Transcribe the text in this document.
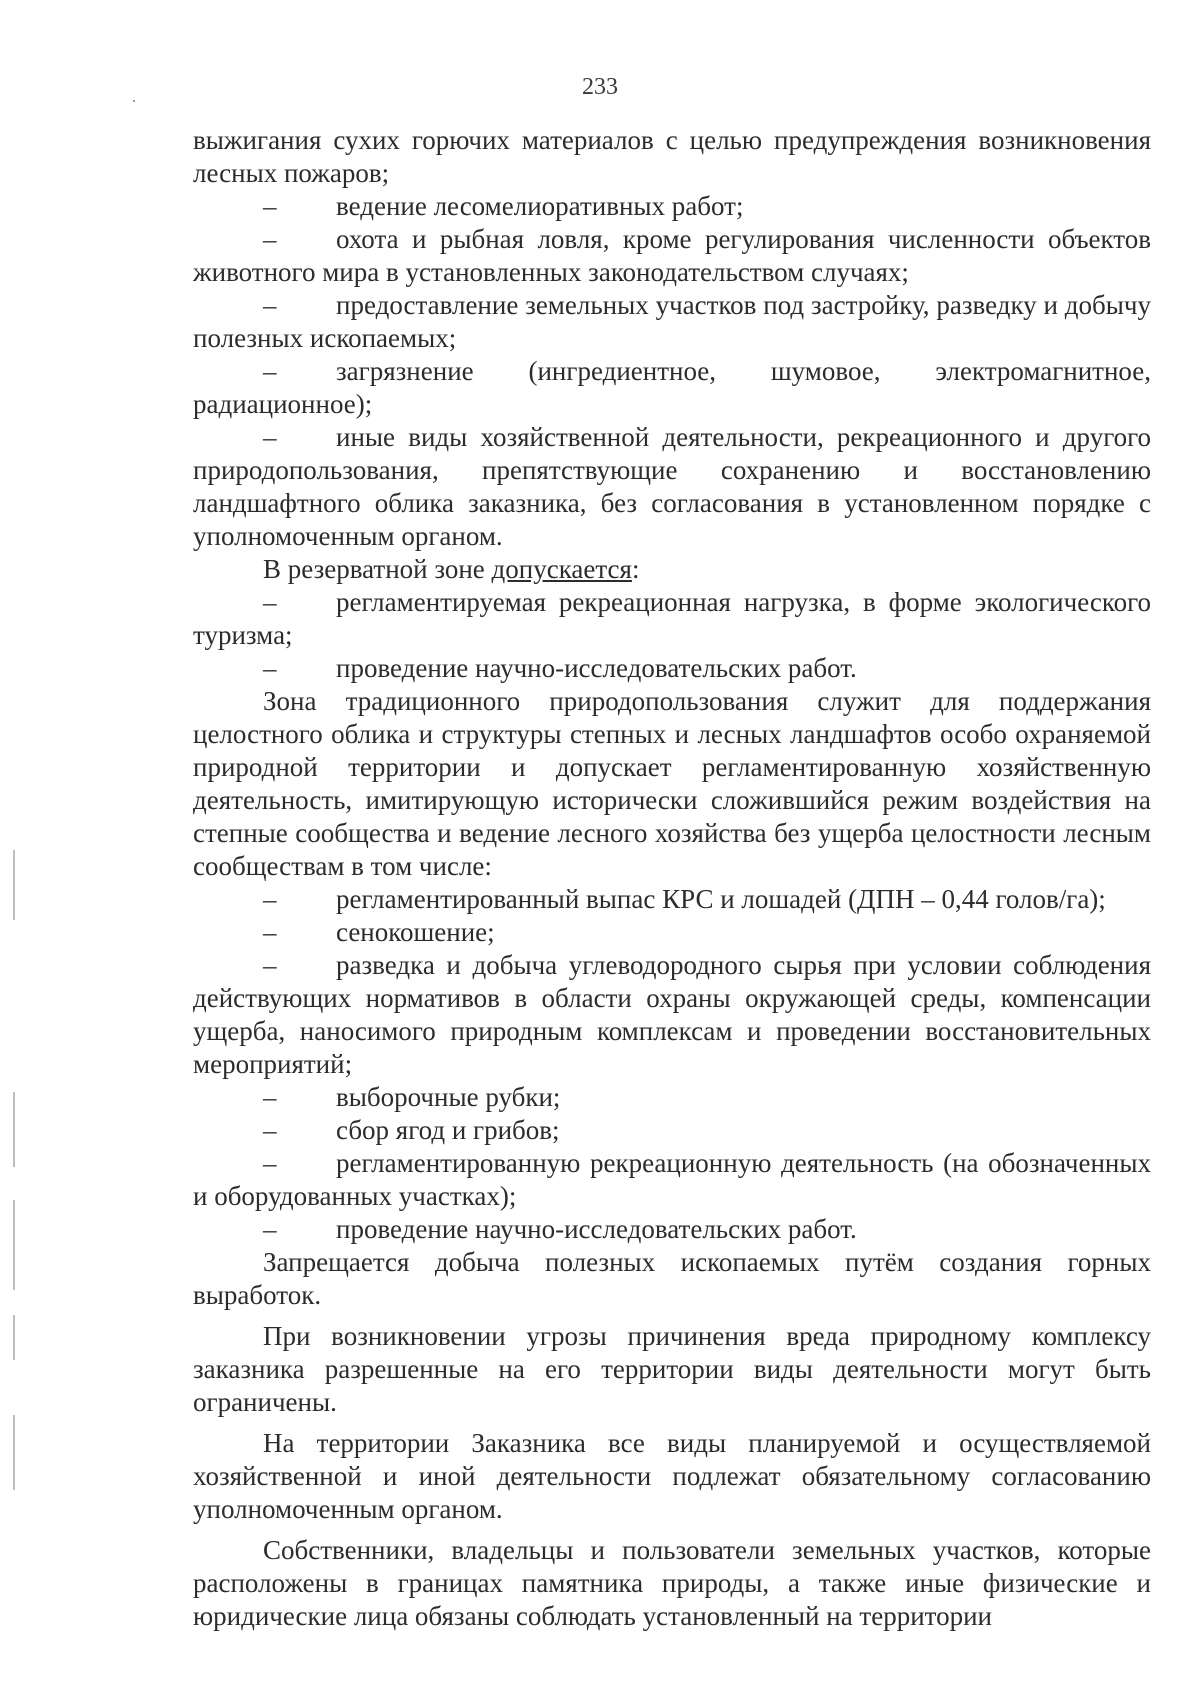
233

выжигания сухих горючих материалов с целью предупреждения возникновения лесных пожаров;

– ведение лесомелиоративных работ;

– охота и рыбная ловля, кроме регулирования численности объектов животного мира в установленных законодательством случаях;

– предоставление земельных участков под застройку, разведку и добычу полезных ископаемых;

– загрязнение (ингредиентное, шумовое, электромагнитное, радиационное);

– иные виды хозяйственной деятельности, рекреационного и другого природопользования, препятствующие сохранению и восстановлению ландшафтного облика заказника, без согласования в установленном порядке с уполномоченным органом.

В резерватной зоне допускается:

– регламентируемая рекреационная нагрузка, в форме экологического туризма;

– проведение научно-исследовательских работ.

Зона традиционного природопользования служит для поддержания целостного облика и структуры степных и лесных ландшафтов особо охраняемой природной территории и допускает регламентированную хозяйственную деятельность, имитирующую исторически сложившийся режим воздействия на степные сообщества и ведение лесного хозяйства без ущерба целостности лесным сообществам в том числе:

– регламентированный выпас КРС и лошадей (ДПН – 0,44 голов/га);

– сенокошение;

– разведка и добыча углеводородного сырья при условии соблюдения действующих нормативов в области охраны окружающей среды, компенсации ущерба, наносимого природным комплексам и проведении восстановительных мероприятий;

– выборочные рубки;

– сбор ягод и грибов;

– регламентированную рекреационную деятельность (на обозначенных и оборудованных участках);

– проведение научно-исследовательских работ.

Запрещается добыча полезных ископаемых путём создания горных выработок.

При возникновении угрозы причинения вреда природному комплексу заказника разрешенные на его территории виды деятельности могут быть ограничены.

На территории Заказника все виды планируемой и осуществляемой хозяйственной и иной деятельности подлежат обязательному согласованию уполномоченным органом.

Собственники, владельцы и пользователи земельных участков, которые расположены в границах памятника природы, а также иные физические и юридические лица обязаны соблюдать установленный на территории
